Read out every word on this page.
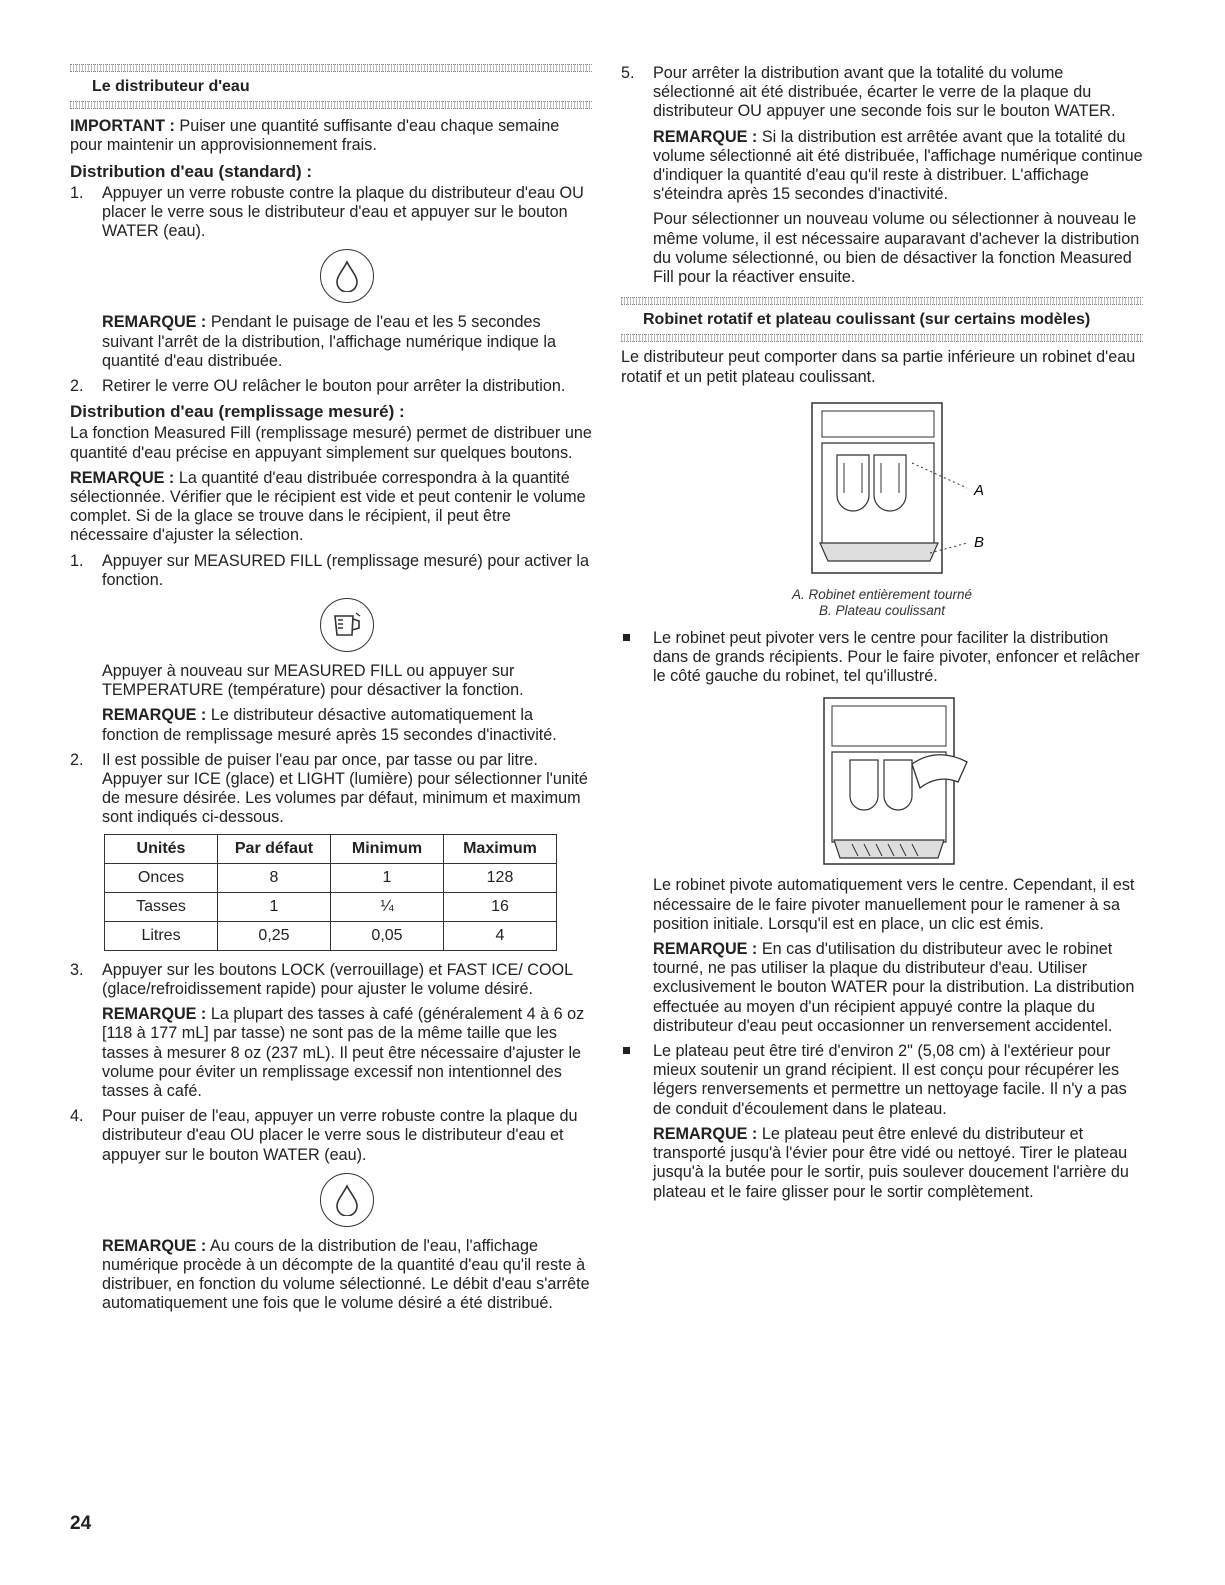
Le distributeur d'eau

IMPORTANT : Puiser une quantité suffisante d'eau chaque semaine pour maintenir un approvisionnement frais.

Distribution d'eau (standard) :
1. Appuyer un verre robuste contre la plaque du distributeur d'eau OU placer le verre sous le distributeur d'eau et appuyer sur le bouton WATER (eau).

REMARQUE : Pendant le puisage de l'eau et les 5 secondes suivant l'arrêt de la distribution, l'affichage numérique indique la quantité d'eau distribuée.

2. Retirer le verre OU relâcher le bouton pour arrêter la distribution.
Distribution d'eau (remplissage mesuré) :

La fonction Measured Fill (remplissage mesuré) permet de distribuer une quantité d'eau précise en appuyant simplement sur quelques boutons.

REMARQUE : La quantité d'eau distribuée correspondra à la quantité sélectionnée. Vérifier que le récipient est vide et peut contenir le volume complet. Si de la glace se trouve dans le récipient, il peut être nécessaire d'ajuster la sélection.

1. Appuyer sur MEASURED FILL (remplissage mesuré) pour activer la fonction.

Appuyer à nouveau sur MEASURED FILL ou appuyer sur TEMPERATURE (température) pour désactiver la fonction.

REMARQUE : Le distributeur désactive automatiquement la fonction de remplissage mesuré après 15 secondes d'inactivité.

2. Il est possible de puiser l'eau par once, par tasse ou par litre. Appuyer sur ICE (glace) et LIGHT (lumière) pour sélectionner l'unité de mesure désirée. Les volumes par défaut, minimum et maximum sont indiqués ci-dessous.
Unités	Par défaut	Minimum	Maximum
Onces	8	1	128
Tasses	1	¼	16
Litres	0,25	0,05	4
3. Appuyer sur les boutons LOCK (verrouillage) et FAST ICE/ COOL (glace/refroidissement rapide) pour ajuster le volume désiré.

REMARQUE : La plupart des tasses à café (généralement 4 à 6 oz [118 à 177 mL] par tasse) ne sont pas de la même taille que les tasses à mesurer 8 oz (237 mL). Il peut être nécessaire d'ajuster le volume pour éviter un remplissage excessif non intentionnel des tasses à café.

4. Pour puiser de l'eau, appuyer un verre robuste contre la plaque du distributeur d'eau OU placer le verre sous le distributeur d'eau et appuyer sur le bouton WATER (eau).

REMARQUE : Au cours de la distribution de l'eau, l'affichage numérique procède à un décompte de la quantité d'eau qu'il reste à distribuer, en fonction du volume sélectionné. Le débit d'eau s'arrête automatiquement une fois que le volume désiré a été distribué.

5. Pour arrêter la distribution avant que la totalité du volume sélectionné ait été distribuée, écarter le verre de la plaque du distributeur OU appuyer une seconde fois sur le bouton WATER.

REMARQUE : Si la distribution est arrêtée avant que la totalité du volume sélectionné ait été distribuée, l'affichage numérique continue d'indiquer la quantité d'eau qu'il reste à distribuer. L'affichage s'éteindra après 15 secondes d'inactivité.

Pour sélectionner un nouveau volume ou sélectionner à nouveau le même volume, il est nécessaire auparavant d'achever la distribution du volume sélectionné, ou bien de désactiver la fonction Measured Fill pour la réactiver ensuite.

Robinet rotatif et plateau coulissant (sur certains modèles)

Le distributeur peut comporter dans sa partie inférieure un robinet d'eau rotatif et un petit plateau coulissant.

A
B
A. Robinet entièrement tourné
B. Plateau coulissant
Le robinet peut pivoter vers le centre pour faciliter la distribution dans de grands récipients. Pour le faire pivoter, enfoncer et relâcher le côté gauche du robinet, tel qu'illustré.

Le robinet pivote automatiquement vers le centre. Cependant, il est nécessaire de le faire pivoter manuellement pour le ramener à sa position initiale. Lorsqu'il est en place, un clic est émis.

REMARQUE : En cas d'utilisation du distributeur avec le robinet tourné, ne pas utiliser la plaque du distributeur d'eau. Utiliser exclusivement le bouton WATER pour la distribution. La distribution effectuée au moyen d'un récipient appuyé contre la plaque du distributeur d'eau peut occasionner un renversement accidentel.

Le plateau peut être tiré d'environ 2" (5,08 cm) à l'extérieur pour mieux soutenir un grand récipient. Il est conçu pour récupérer les légers renversements et permettre un nettoyage facile. Il n'y a pas de conduit d'écoulement dans le plateau.

REMARQUE : Le plateau peut être enlevé du distributeur et transporté jusqu'à l'évier pour être vidé ou nettoyé. Tirer le plateau jusqu'à la butée pour le sortir, puis soulever doucement l'arrière du plateau et le faire glisser pour le sortir complètement.

24
